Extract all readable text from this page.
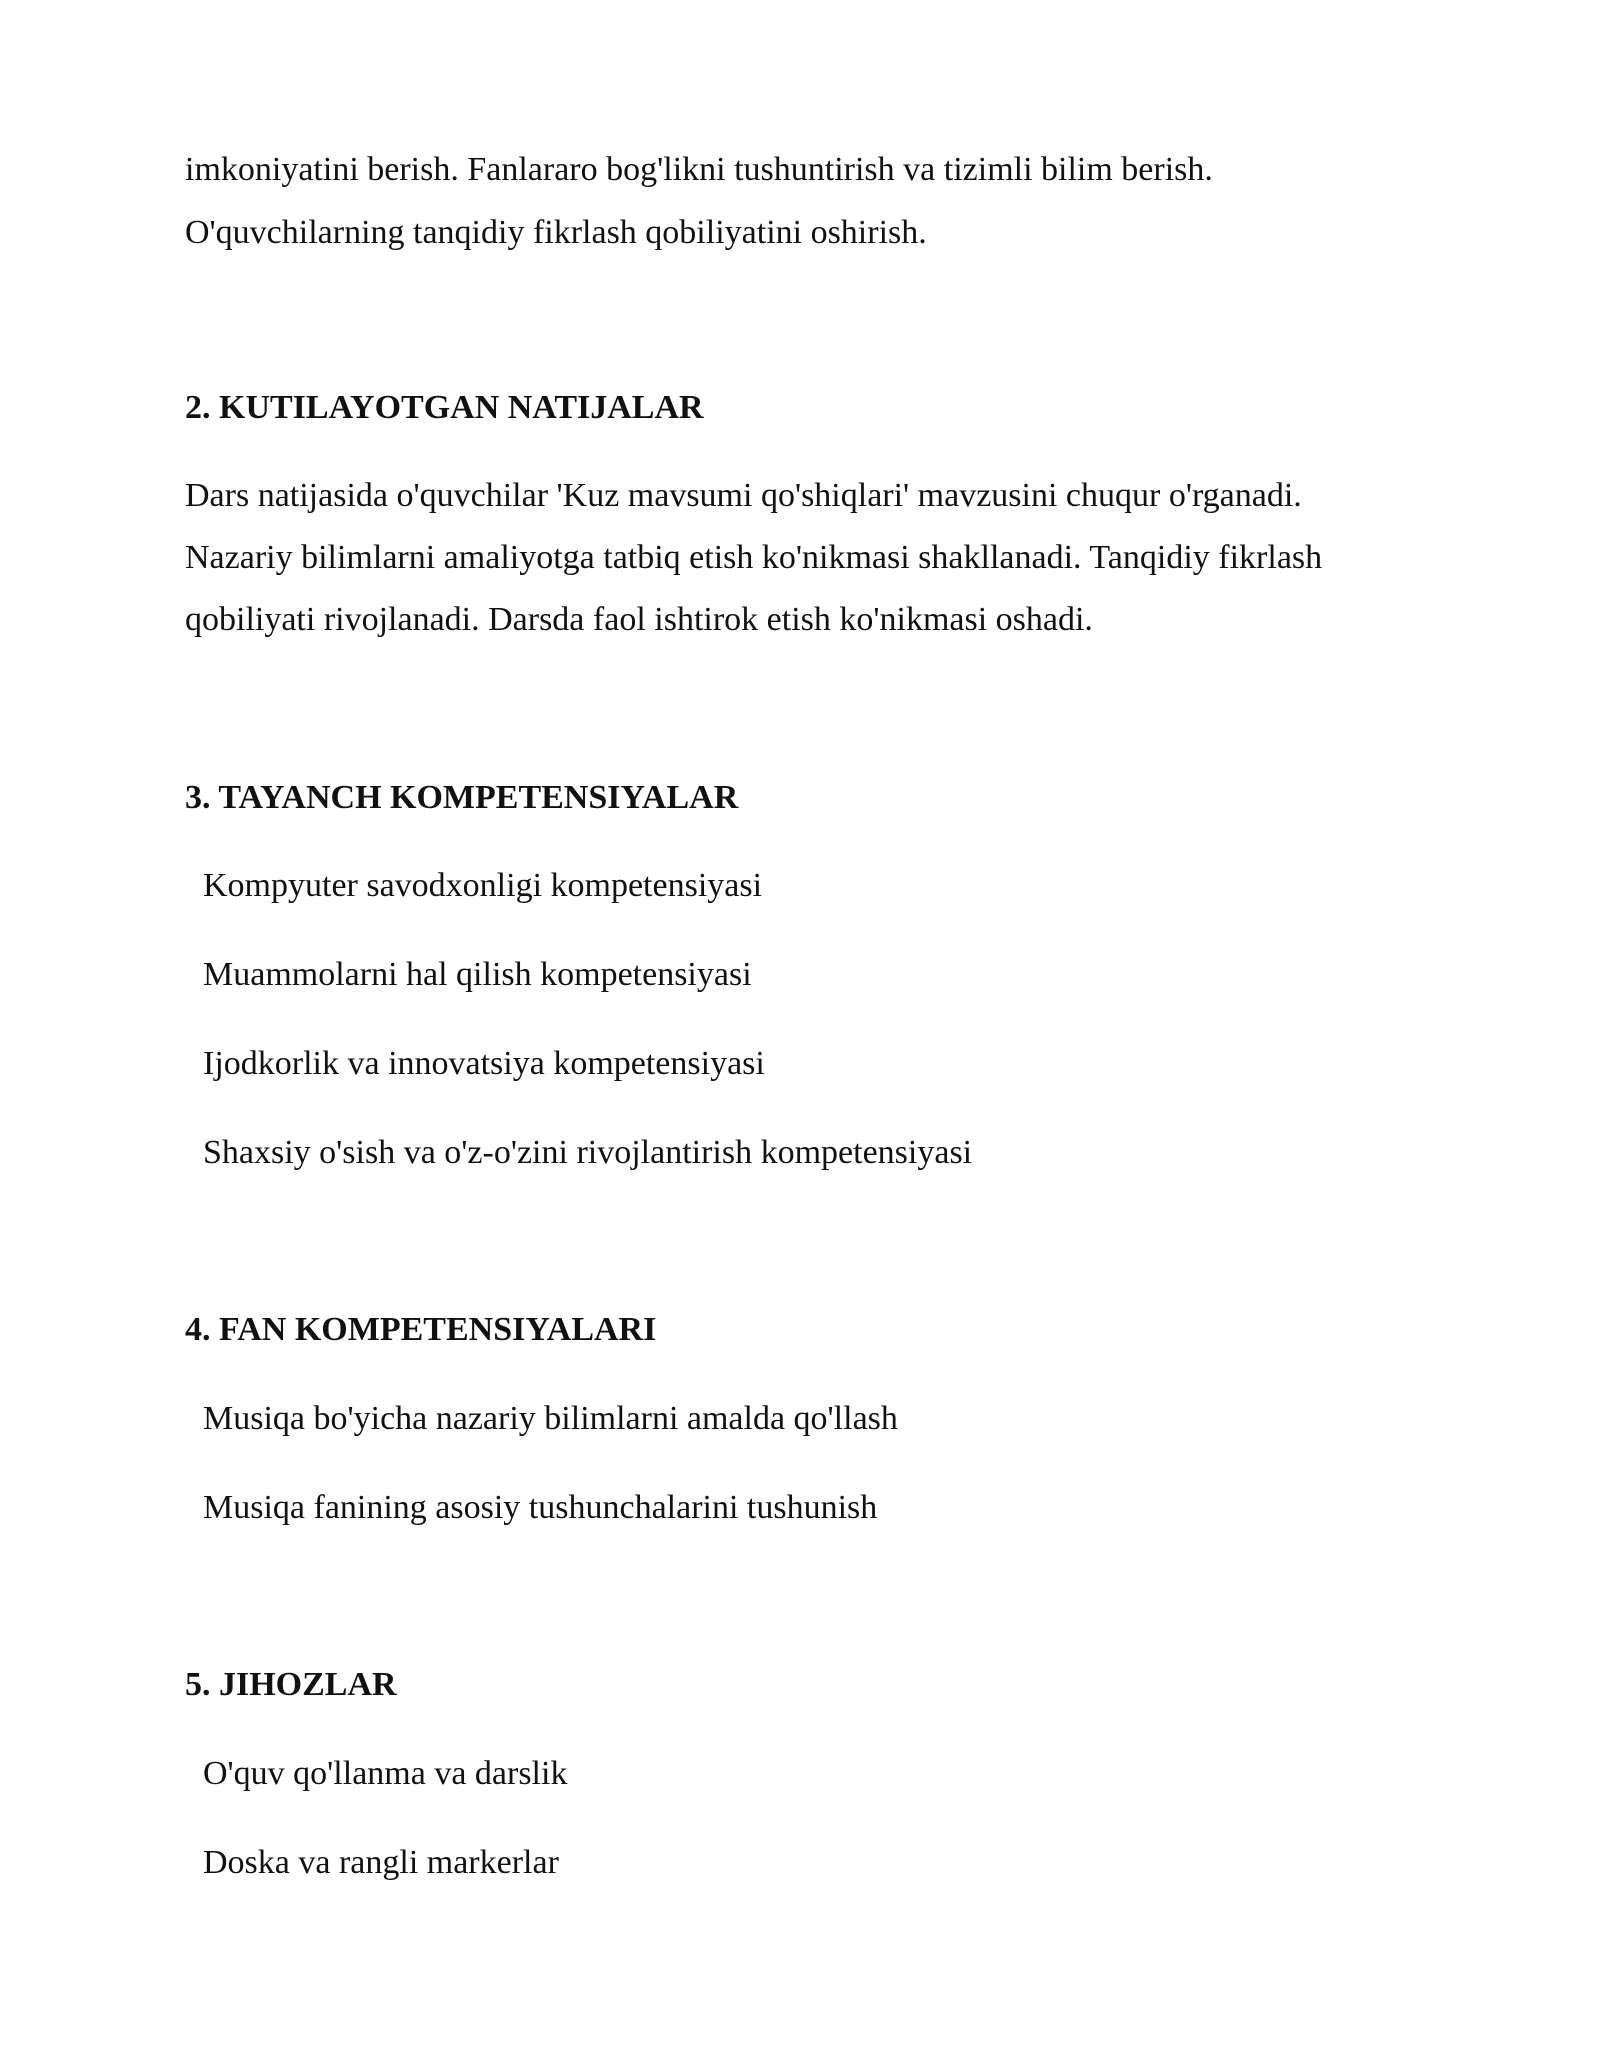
imkoniyatini berish. Fanlararo bog'likni tushuntirish va tizimli bilim berish.
O'quvchilarning tanqidiy fikrlash qobiliyatini oshirish.
2. KUTILAYOTGAN NATIJALAR
Dars natijasida o'quvchilar 'Kuz mavsumi qo'shiqlari' mavzusini chuqur o'rganadi.
Nazariy bilimlarni amaliyotga tatbiq etish ko'nikmasi shakllanadi. Tanqidiy fikrlash
qobiliyati rivojlanadi. Darsda faol ishtirok etish ko'nikmasi oshadi.
3. TAYANCH KOMPETENSIYALAR
Kompyuter savodxonligi kompetensiyasi
Muammolarni hal qilish kompetensiyasi
Ijodkorlik va innovatsiya kompetensiyasi
Shaxsiy o'sish va o'z-o'zini rivojlantirish kompetensiyasi
4. FAN KOMPETENSIYALARI
Musiqa bo'yicha nazariy bilimlarni amalda qo'llash
Musiqa fanining asosiy tushunchalarini tushunish
5. JIHOZLAR
O'quv qo'llanma va darslik
Doska va rangli markerlar
